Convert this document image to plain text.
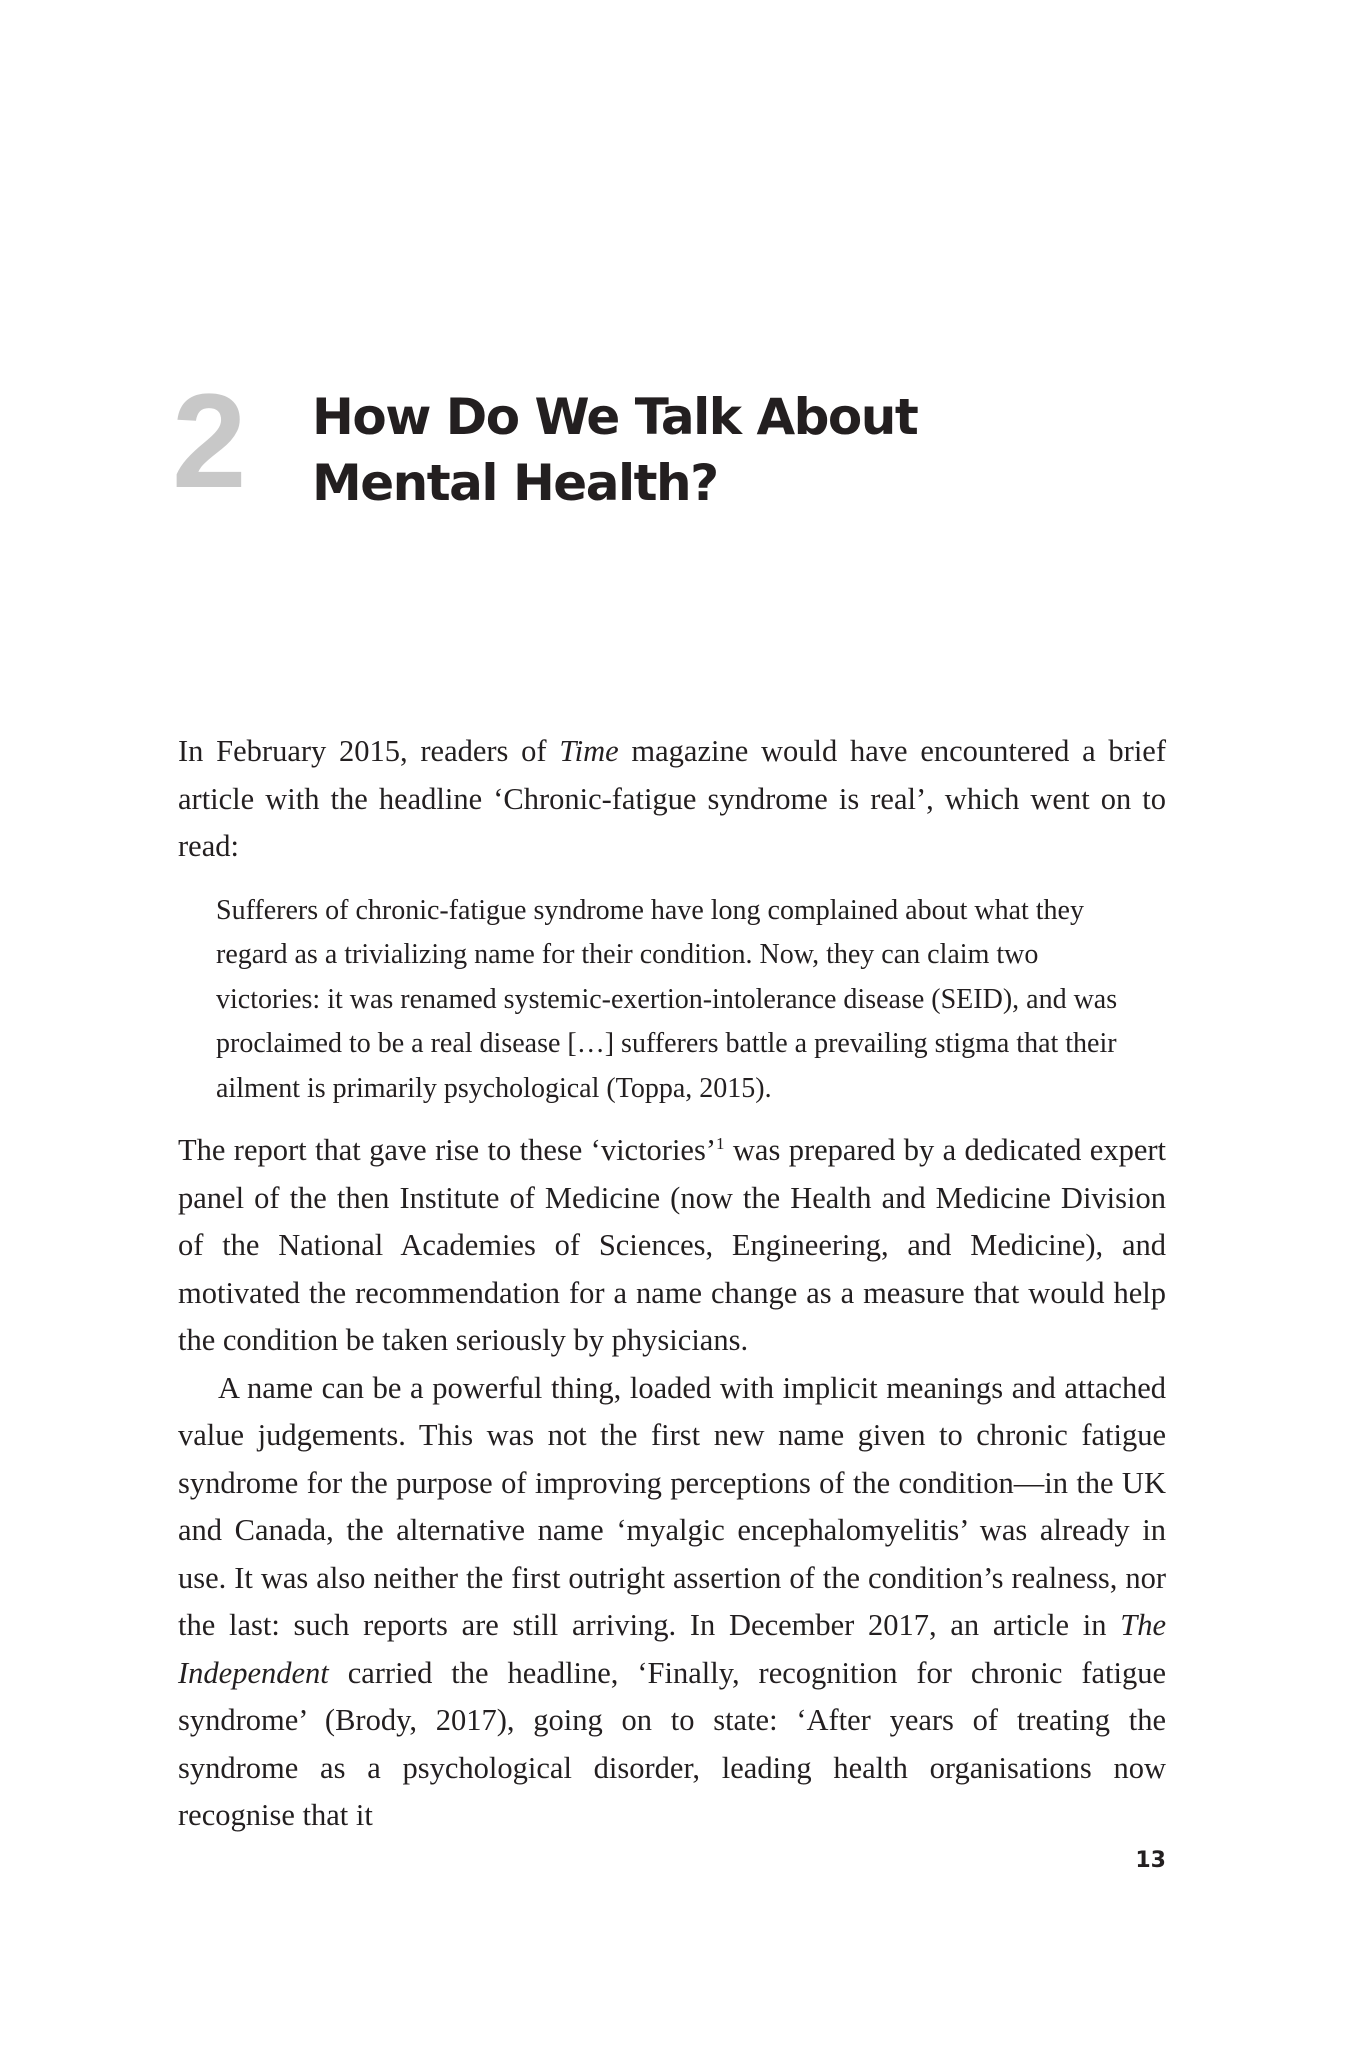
2 How Do We Talk About
Mental Health?

In February 2015, readers of Time magazine would have encountered a brief article with the headline ‘Chronic-fatigue syndrome is real’, which went on to read:

Sufferers of chronic-fatigue syndrome have long complained about what they regard as a trivializing name for their condition. Now, they can claim two victories: it was renamed systemic-exertion-intolerance disease (SEID), and was proclaimed to be a real disease […] sufferers battle a prevailing stigma that their ailment is primarily psychological (Toppa, 2015).

The report that gave rise to these ‘victories’$^1$ was prepared by a dedicated expert panel of the then Institute of Medicine (now the Health and Medicine Division of the National Academies of Sciences, Engineering, and Medicine), and motivated the recommendation for a name change as a measure that would help the condition be taken seriously by physicians.

A name can be a powerful thing, loaded with implicit meanings and attached value judgements. This was not the first new name given to chronic fatigue syndrome for the purpose of improving perceptions of the condition—in the UK and Canada, the alternative name ‘myalgic encephalomyelitis’ was already in use. It was also neither the first outright assertion of the condition’s realness, nor the last: such reports are still arriving. In December 2017, an article in The Independent carried the headline, ‘Finally, recognition for chronic fatigue syndrome’ (Brody, 2017), going on to state: ‘After years of treating the syndrome as a psychological disorder, leading health organisations now recognise that it

13
